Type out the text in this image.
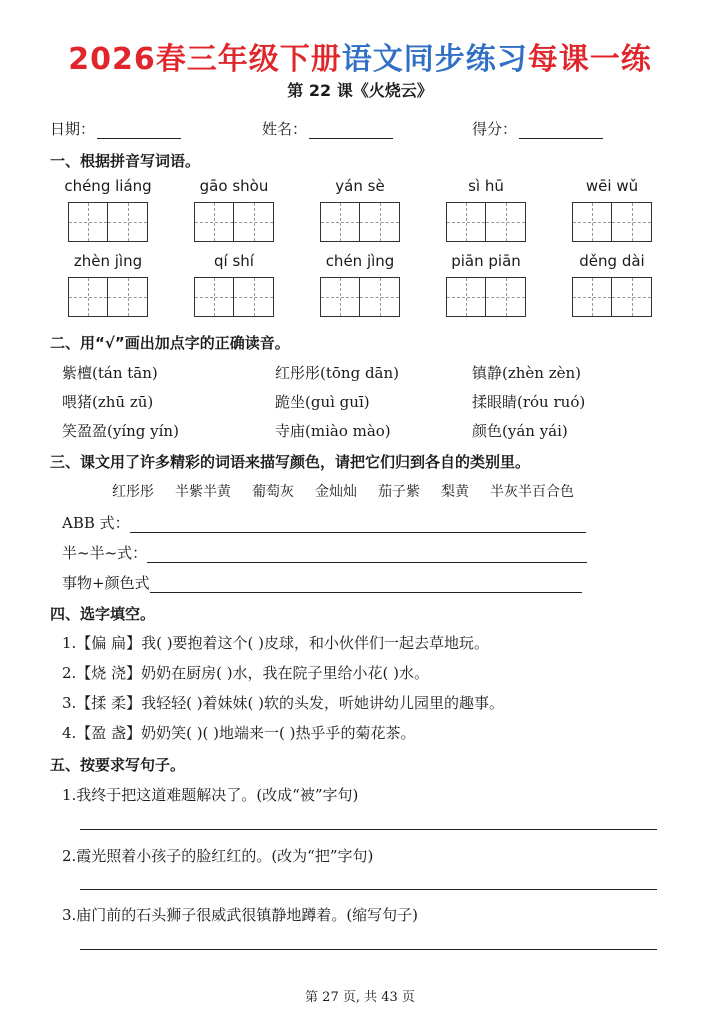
2026春三年级下册语文同步练习每课一练
第 22 课《火烧云》
日期：	姓名：	得分：
一、根据拼音写词语。
chéng liáng	gāo shòu	yán sè	sì hū	wēi wǔ
zhèn jìng	qí shí	chén jìng	piān piān	děng dài
二、用“√”画出加点字的正确读音。
紫檀(tán tān)	红彤彤(tōng dān)	镇静(zhèn zèn)
喂猪(zhū zū)	跪坐(guì guī)	揉眼睛(róu ruó)
笑盈盈(yíng yín)	寺庙(miào mào)	颜色(yán yái)
三、课文用了许多精彩的词语来描写颜色，请把它们归到各自的类别里。
红彤彤 半紫半黄 葡萄灰 金灿灿 茄子紫 梨黄 半灰半百合色
ABB 式：
半~半~式：
事物+颜色式
四、选字填空。
1.【偏 扁】我( )要抱着这个( )皮球，和小伙伴们一起去草地玩。
2.【烧 浇】奶奶在厨房( )水，我在院子里给小花( )水。
3.【揉 柔】我轻轻( )着妹妹( )软的头发，听她讲幼儿园里的趣事。
4.【盈 盏】奶奶笑( )( )地端来一( )热乎乎的菊花茶。
五、按要求写句子。
1.我终于把这道难题解决了。(改成“被”字句)
2.霞光照着小孩子的脸红红的。(改为“把”字句)
3.庙门前的石头狮子很威武很镇静地蹲着。(缩写句子)
第 27 页, 共 43 页
